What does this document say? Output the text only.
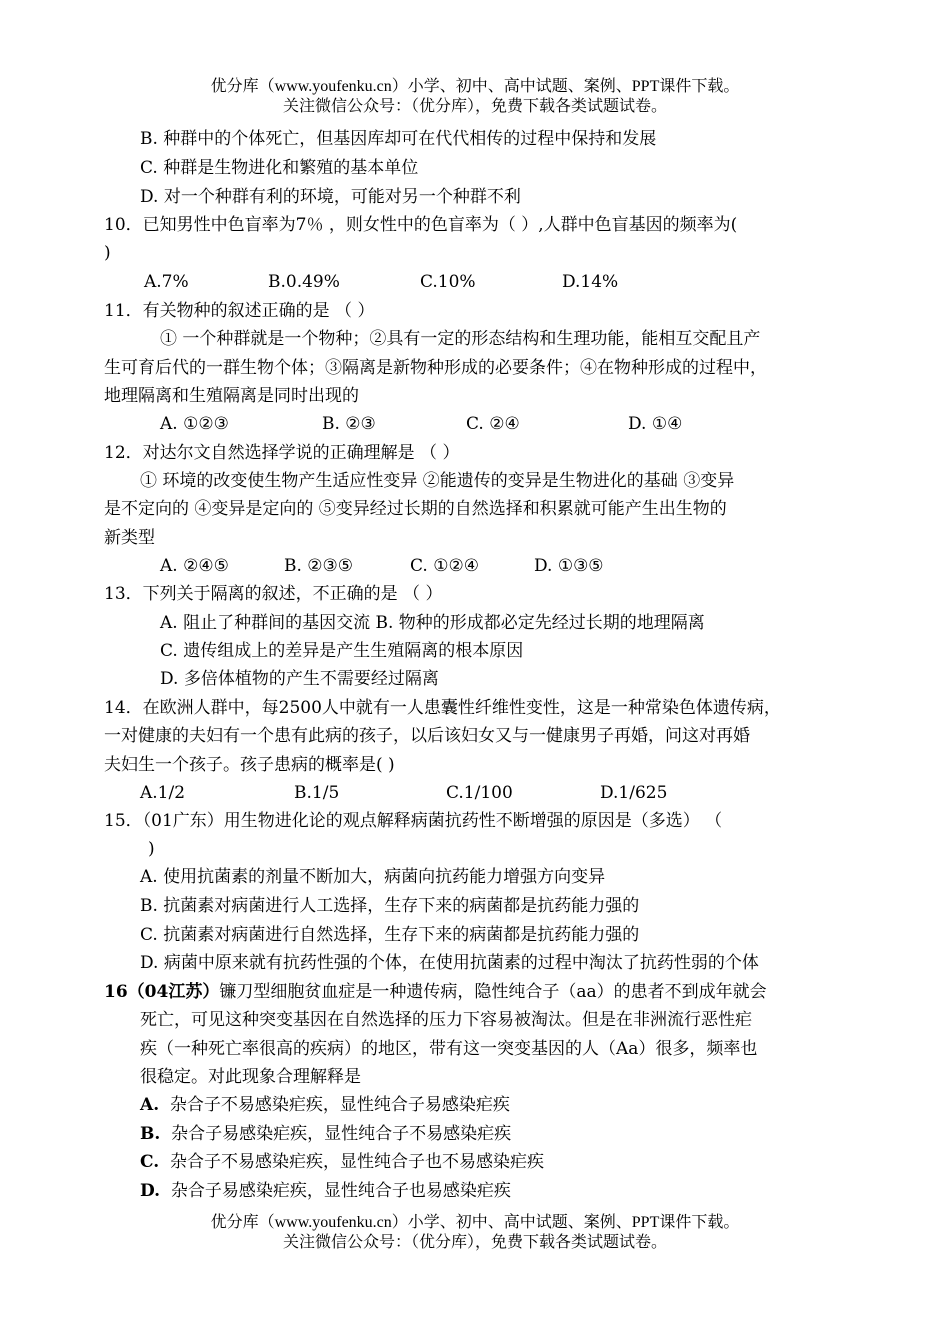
优分库（www.youfenku.cn）小学、初中、高中试题、案例、PPT课件下载。
关注微信公众号：（优分库），免费下载各类试题试卷。
B. 种群中的个体死亡，但基因库却可在代代相传的过程中保持和发展
C. 种群是生物进化和繁殖的基本单位
D. 对一个种群有利的环境，可能对另一个种群不利
10．已知男性中色盲率为7％ ，则女性中的色盲率为（ ）,人群中色盲基因的频率为(
)
A.7%	B.0.49%	C.10%	D.14%
11．有关物种的叙述正确的是 （ ）
① 一个种群就是一个物种；②具有一定的形态结构和生理功能，能相互交配且产
生可育后代的一群生物个体；③隔离是新物种形成的必要条件；④在物种形成的过程中，
地理隔离和生殖隔离是同时出现的
A. ①②③	B. ②③	C. ②④	D. ①④
12．对达尔文自然选择学说的正确理解是 （ ）
① 环境的改变使生物产生适应性变异 ②能遗传的变异是生物进化的基础 ③变异
是不定向的 ④变异是定向的 ⑤变异经过长期的自然选择和积累就可能产生出生物的
新类型
A. ②④⑤	B. ②③⑤	C. ①②④	D. ①③⑤
13．下列关于隔离的叙述，不正确的是 （ ）
A. 阻止了种群间的基因交流 B. 物种的形成都必定先经过长期的地理隔离
C. 遗传组成上的差异是产生生殖隔离的根本原因
D. 多倍体植物的产生不需要经过隔离
14．在欧洲人群中，每2500人中就有一人患囊性纤维性变性，这是一种常染色体遗传病，
一对健康的夫妇有一个患有此病的孩子，以后该妇女又与一健康男子再婚，问这对再婚
夫妇生一个孩子。孩子患病的概率是( )
A.1/2	B.1/5	C.1/100	D.1/625
15．（01广东）用生物进化论的观点解释病菌抗药性不断增强的原因是（多选） （
)
A. 使用抗菌素的剂量不断加大，病菌向抗药能力增强方向变异
B. 抗菌素对病菌进行人工选择，生存下来的病菌都是抗药能力强的
C. 抗菌素对病菌进行自然选择，生存下来的病菌都是抗药能力强的
D. 病菌中原来就有抗药性强的个体，在使用抗菌素的过程中淘汰了抗药性弱的个体
16（04江苏）镰刀型细胞贫血症是一种遗传病，隐性纯合子（aa）的患者不到成年就会
死亡，可见这种突变基因在自然选择的压力下容易被淘汰。但是在非洲流行恶性疟
疾（一种死亡率很高的疾病）的地区，带有这一突变基因的人（Aa）很多，频率也
很稳定。对此现象合理解释是
A. 杂合子不易感染疟疾，显性纯合子易感染疟疾
B. 杂合子易感染疟疾，显性纯合子不易感染疟疾
C. 杂合子不易感染疟疾，显性纯合子也不易感染疟疾
D. 杂合子易感染疟疾，显性纯合子也易感染疟疾
优分库（www.youfenku.cn）小学、初中、高中试题、案例、PPT课件下载。
关注微信公众号：（优分库），免费下载各类试题试卷。
